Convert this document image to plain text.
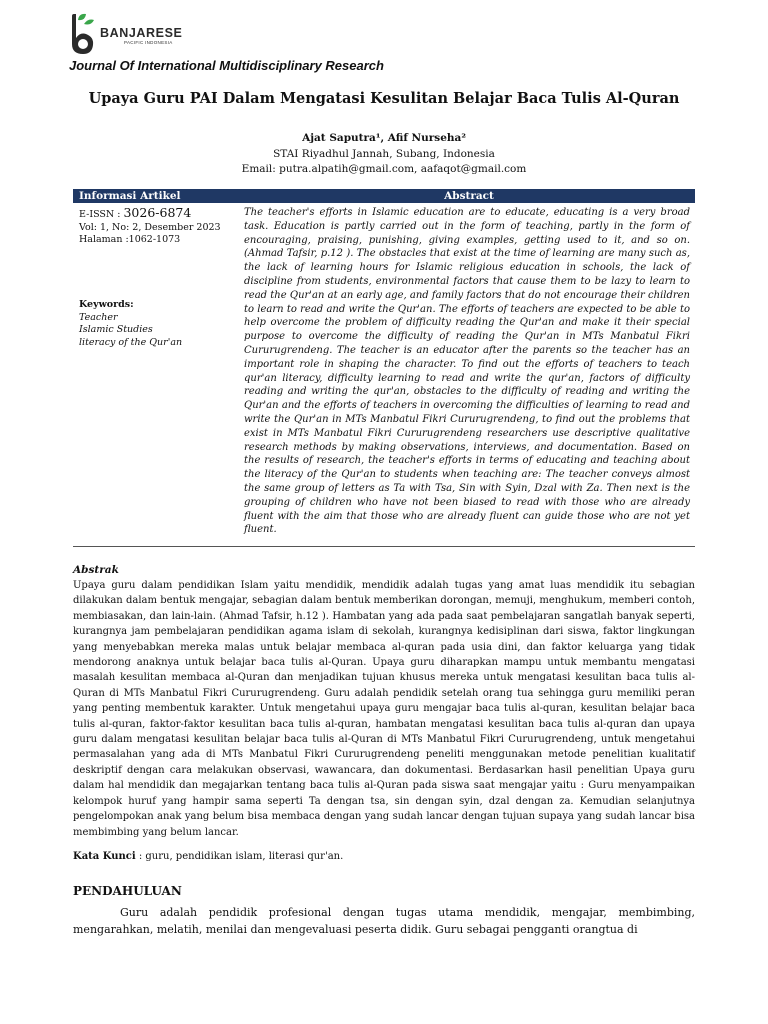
BANJARESE
PACIFIC INDONESIA
Journal Of International Multidisciplinary Research
Upaya Guru PAI Dalam Mengatasi Kesulitan Belajar Baca Tulis Al-Quran
Ajat Saputra¹, Afif Nurseha²
STAI Riyadhul Jannah, Subang, Indonesia
Email: putra.alpatih@gmail.com, aafaqot@gmail.com
Informasi Artikel	Abstract
E-ISSN : 3026-6874
Vol: 1, No: 2, Desember 2023
Halaman :1062-1073
Keywords:
Teacher
Islamic Studies
literacy of the Qur'an
The teacher's efforts in Islamic education are to educate, educating is a very broad task. Education is partly carried out in the form of teaching, partly in the form of encouraging, praising, punishing, giving examples, getting used to it, and so on. (Ahmad Tafsir, p.12 ). The obstacles that exist at the time of learning are many such as, the lack of learning hours for Islamic religious education in schools, the lack of discipline from students, environmental factors that cause them to be lazy to learn to read the Qur'an at an early age, and family factors that do not encourage their children to learn to read and write the Qur'an. The efforts of teachers are expected to be able to help overcome the problem of difficulty reading the Qur'an and make it their special purpose to overcome the difficulty of reading the Qur'an in MTs Manbatul Fikri Cururugrendeng. The teacher is an educator after the parents so the teacher has an important role in shaping the character. To find out the efforts of teachers to teach qur'an literacy, difficulty learning to read and write the qur'an, factors of difficulty reading and writing the qur'an, obstacles to the difficulty of reading and writing the Qur'an and the efforts of teachers in overcoming the difficulties of learning to read and write the Qur'an in MTs Manbatul Fikri Cururugrendeng, to find out the problems that exist in MTs Manbatul Fikri Cururugrendeng researchers use descriptive qualitative research methods by making observations, interviews, and documentation. Based on the results of research, the teacher's efforts in terms of educating and teaching about the literacy of the Qur'an to students when teaching are: The teacher conveys almost the same group of letters as Ta with Tsa, Sin with Syin, Dzal with Za. Then next is the grouping of children who have not been biased to read with those who are already fluent with the aim that those who are already fluent can guide those who are not yet fluent.
Abstrak
Upaya guru dalam pendidikan Islam yaitu mendidik, mendidik adalah tugas yang amat luas mendidik itu sebagian dilakukan dalam bentuk mengajar, sebagian dalam bentuk memberikan dorongan, memuji, menghukum, memberi contoh, membiasakan, dan lain-lain. (Ahmad Tafsir, h.12 ). Hambatan yang ada pada saat pembelajaran sangatlah banyak seperti, kurangnya jam pembelajaran pendidikan agama islam di sekolah, kurangnya kedisiplinan dari siswa, faktor lingkungan yang menyebabkan mereka malas untuk belajar membaca al-quran pada usia dini, dan faktor keluarga yang tidak mendorong anaknya untuk belajar baca tulis al-Quran. Upaya guru diharapkan mampu untuk membantu mengatasi masalah kesulitan membaca al-Quran dan menjadikan tujuan khusus mereka untuk mengatasi kesulitan baca tulis al-Quran di MTs Manbatul Fikri Cururugrendeng. Guru adalah pendidik setelah orang tua sehingga guru memiliki peran yang penting membentuk karakter. Untuk mengetahui upaya guru mengajar baca tulis al-quran, kesulitan belajar baca tulis al-quran, faktor-faktor kesulitan baca tulis al-quran, hambatan mengatasi kesulitan baca tulis al-quran dan upaya guru dalam mengatasi kesulitan belajar baca tulis al-Quran di MTs Manbatul Fikri Cururugrendeng, untuk mengetahui permasalahan yang ada di MTs Manbatul Fikri Cururugrendeng peneliti menggunakan metode penelitian kualitatif deskriptif dengan cara melakukan observasi, wawancara, dan dokumentasi. Berdasarkan hasil penelitian Upaya guru dalam hal mendidik dan megajarkan tentang baca tulis al-Quran pada siswa saat mengajar yaitu : Guru menyampaikan kelompok huruf yang hampir sama seperti Ta dengan tsa, sin dengan syin, dzal dengan za. Kemudian selanjutnya pengelompokan anak yang belum bisa membaca dengan yang sudah lancar dengan tujuan supaya yang sudah lancar bisa membimbing yang belum lancar.
Kata Kunci : guru, pendidikan islam, literasi qur'an.
PENDAHULUAN
Guru adalah pendidik profesional dengan tugas utama mendidik, mengajar, membimbing, mengarahkan, melatih, menilai dan mengevaluasi peserta didik. Guru sebagai pengganti orangtua di
